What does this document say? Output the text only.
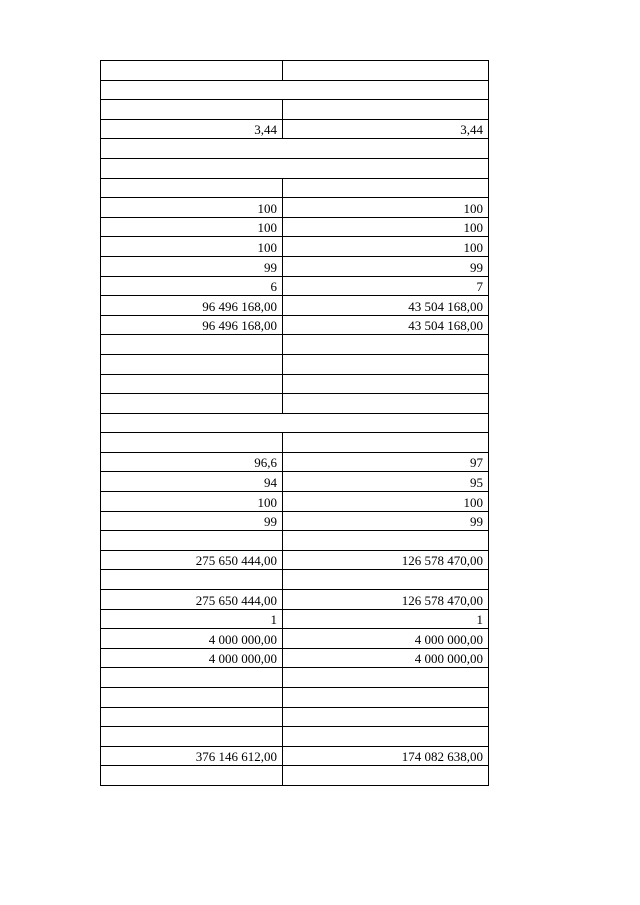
3,44	3,44

100	100
100	100
100	100
99	99
6	7
96 496 168,00	43 504 168,00
96 496 168,00	43 504 168,00

96,6	97
94	95
100	100
99	99

275 650 444,00	126 578 470,00

275 650 444,00	126 578 470,00
1	1
4 000 000,00	4 000 000,00
4 000 000,00	4 000 000,00

376 146 612,00	174 082 638,00
